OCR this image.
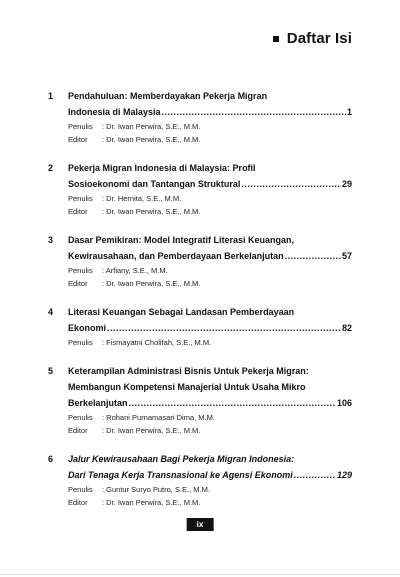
Daftar Isi
1 Pendahuluan: Memberdayakan Pekerja Migran
Indonesia di Malaysia .....	1
Penulis	: Dr. Iwan Perwira, S.E., M.M.
Editor	: Dr. Iwan Perwira, S.E., M.M.
2 Pekerja Migran Indonesia di Malaysia: Profil
Sosioekonomi dan Tantangan Struktural .....	29
Penulis	: Dr. Hernita, S.E., M.M.
Editor	: Dr. Iwan Perwira, S.E., M.M.
3 Dasar Pemikiran: Model Integratif Literasi Keuangan,
Kewirausahaan, dan Pemberdayaan Berkelanjutan .....	57
Penulis	: Arfiany, S.E., M.M.
Editor	: Dr. Iwan Perwira, S.E., M.M.
4 Literasi Keuangan Sebagai Landasan Pemberdayaan
Ekonomi .....	82
Penulis	: Fismayatni Cholifah, S.E., M.M.
5 Keterampilan Administrasi Bisnis Untuk Pekerja Migran:
Membangun Kompetensi Manajerial Untuk Usaha Mikro
Berkelanjutan .....	106
Penulis	: Rohani Purnamasari Dima, M.M.
Editor	: Dr. Iwan Perwira, S.E., M.M.
6 Jalur Kewirausahaan Bagi Pekerja Migran Indonesia:
Dari Tenaga Kerja Transnasional ke Agensi Ekonomi .....	129
Penulis	: Guntur Suryo Putro, S.E., M.M.
Editor	: Dr. Iwan Perwira, S.E., M.M.
ix
